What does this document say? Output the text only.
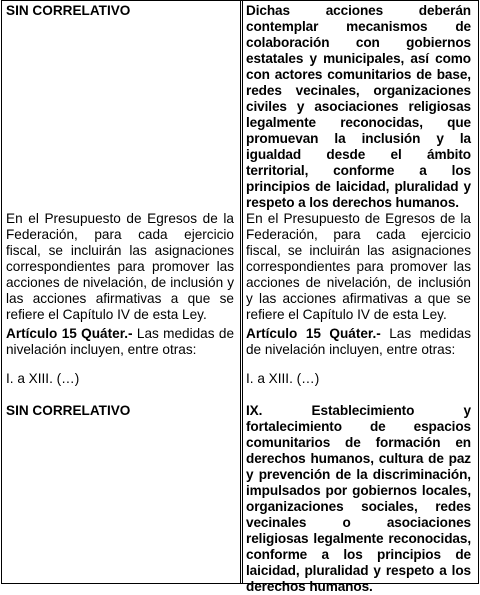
SIN CORRELATIVO

En el Presupuesto de Egresos de la Federación, para cada ejercicio fiscal, se incluirán las asignaciones correspondientes para promover las acciones de nivelación, de inclusión y las acciones afirmativas a que se refiere el Capítulo IV de esta Ley.

Artículo 15 Quáter.- Las medidas de nivelación incluyen, entre otras:

I. a XIII. (…)

SIN CORRELATIVO

Dichas acciones deberán contemplar mecanismos de colaboración con gobiernos estatales y municipales, así como con actores comunitarios de base, redes vecinales, organizaciones civiles y asociaciones religiosas legalmente reconocidas, que promuevan la inclusión y la igualdad desde el ámbito territorial, conforme a los principios de laicidad, pluralidad y respeto a los derechos humanos.

En el Presupuesto de Egresos de la Federación, para cada ejercicio fiscal, se incluirán las asignaciones correspondientes para promover las acciones de nivelación, de inclusión y las acciones afirmativas a que se refiere el Capítulo IV de esta Ley.

Artículo 15 Quáter.- Las medidas de nivelación incluyen, entre otras:

I. a XIII. (…)

IX. Establecimiento y fortalecimiento de espacios comunitarios de formación en derechos humanos, cultura de paz y prevención de la discriminación, impulsados por gobiernos locales, organizaciones sociales, redes vecinales o asociaciones religiosas legalmente reconocidas, conforme a los principios de laicidad, pluralidad y respeto a los derechos humanos.
